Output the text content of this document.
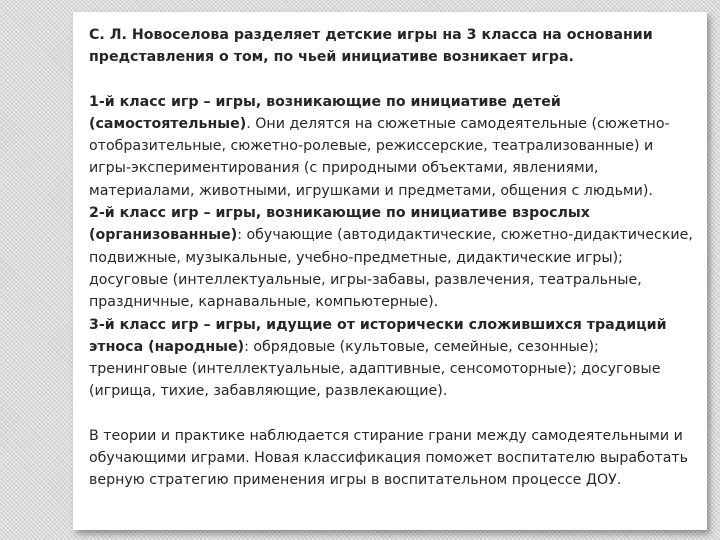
С. Л. Новоселова разделяет детские игры на 3 класса на основании представления о том, по чьей инициативе возникает игра.

1-й класс игр – игры, возникающие по инициативе детей (самостоятельные). Они делятся на сюжетные самодеятельные (сюжетно-отобразительные, сюжетно-ролевые, режиссерские, театрализованные) и игры-экспериментирования (с природными объектами, явлениями, материалами, животными, игрушками и предметами, общения с людьми).

2-й класс игр – игры, возникающие по инициативе взрослых (организованные): обучающие (автодидактические, сюжетно-дидактические, подвижные, музыкальные, учебно-предметные, дидактические игры); досуговые (интеллектуальные, игры-забавы, развлечения, театральные, праздничные, карнавальные, компьютерные).

3-й класс игр – игры, идущие от исторически сложившихся традиций этноса (народные): обрядовые (культовые, семейные, сезонные); тренинговые (интеллектуальные, адаптивные, сенсомоторные); досуговые (игрища, тихие, забавляющие, развлекающие).

В теории и практике наблюдается стирание грани между самодеятельными и обучающими играми. Новая классификация поможет воспитателю выработать верную стратегию применения игры в воспитательном процессе ДОУ.
